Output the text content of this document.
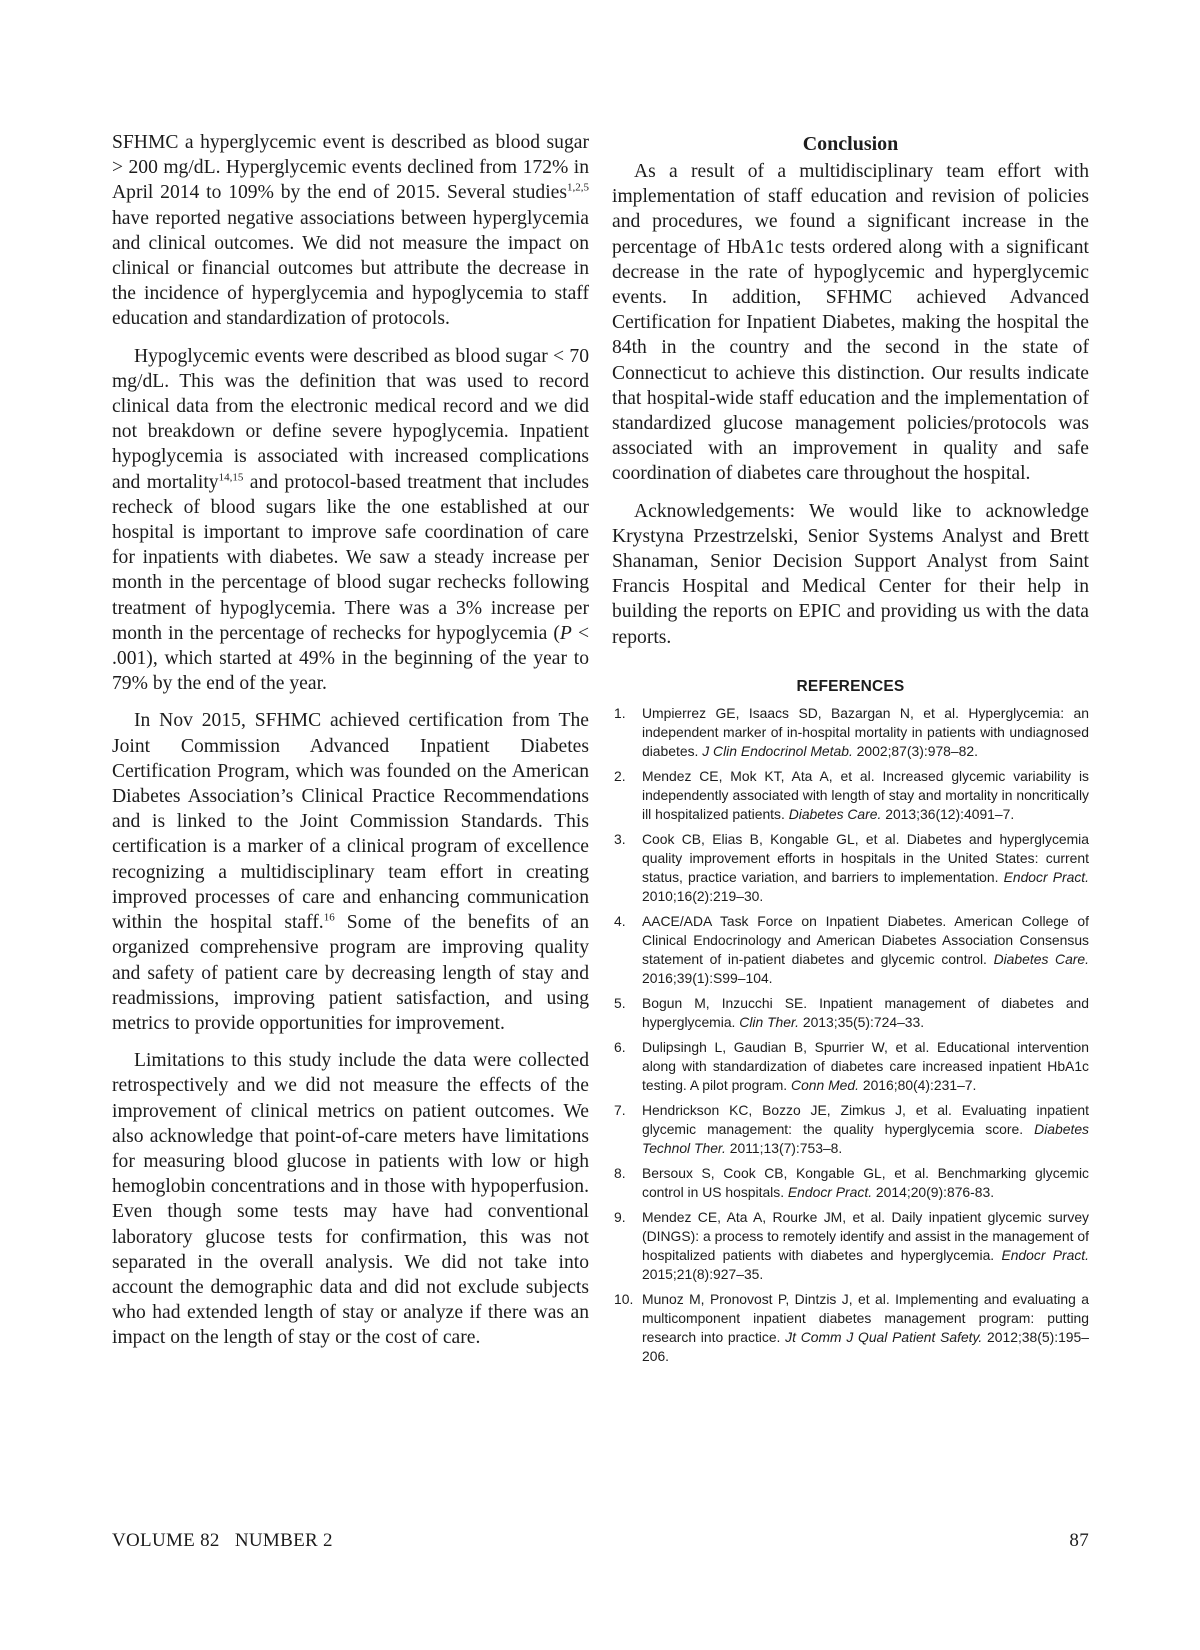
SFHMC a hyperglycemic event is described as blood sugar > 200 mg/dL. Hyperglycemic events declined from 172% in April 2014 to 109% by the end of 2015. Several studies$^{1,2,5}$ have reported negative associations between hyperglycemia and clinical outcomes. We did not measure the impact on clinical or financial outcomes but attribute the decrease in the incidence of hyperglycemia and hypoglycemia to staff education and standardization of protocols.

Hypoglycemic events were described as blood sugar < 70 mg/dL. This was the definition that was used to record clinical data from the electronic medical record and we did not breakdown or define severe hypoglycemia. Inpatient hypoglycemia is associated with increased complications and mortality$^{14,15}$ and protocol-based treatment that includes recheck of blood sugars like the one established at our hospital is important to improve safe coordination of care for inpatients with diabetes. We saw a steady increase per month in the percentage of blood sugar rechecks following treatment of hypoglycemia. There was a 3% increase per month in the percentage of rechecks for hypoglycemia (P < .001), which started at 49% in the beginning of the year to 79% by the end of the year.

In Nov 2015, SFHMC achieved certification from The Joint Commission Advanced Inpatient Diabetes Certification Program, which was founded on the American Diabetes Association’s Clinical Practice Recommendations and is linked to the Joint Commission Standards. This certification is a marker of a clinical program of excellence recognizing a multidisciplinary team effort in creating improved processes of care and enhancing communication within the hospital staff.$^{16}$ Some of the benefits of an organized comprehensive program are improving quality and safety of patient care by decreasing length of stay and readmissions, improving patient satisfaction, and using metrics to provide opportunities for improvement.

Limitations to this study include the data were collected retrospectively and we did not measure the effects of the improvement of clinical metrics on patient outcomes. We also acknowledge that point-of-care meters have limitations for measuring blood glucose in patients with low or high hemoglobin concentrations and in those with hypoperfusion. Even though some tests may have had conventional laboratory glucose tests for confirmation, this was not separated in the overall analysis. We did not take into account the demographic data and did not exclude subjects who had extended length of stay or analyze if there was an impact on the length of stay or the cost of care.

Conclusion

As a result of a multidisciplinary team effort with implementation of staff education and revision of policies and procedures, we found a significant increase in the percentage of HbA1c tests ordered along with a significant decrease in the rate of hypoglycemic and hyperglycemic events. In addition, SFHMC achieved Advanced Certification for Inpatient Diabetes, making the hospital the 84th in the country and the second in the state of Connecticut to achieve this distinction. Our results indicate that hospital-wide staff education and the implementation of standardized glucose management policies/protocols was associated with an improvement in quality and safe coordination of diabetes care throughout the hospital.

Acknowledgements: We would like to acknowledge Krystyna Przestrzelski, Senior Systems Analyst and Brett Shanaman, Senior Decision Support Analyst from Saint Francis Hospital and Medical Center for their help in building the reports on EPIC and providing us with the data reports.

REFERENCES
1. Umpierrez GE, Isaacs SD, Bazargan N, et al. Hyperglycemia: an independent marker of in-hospital mortality in patients with undiagnosed diabetes. J Clin Endocrinol Metab. 2002;87(3):978–82.
2. Mendez CE, Mok KT, Ata A, et al. Increased glycemic variability is independently associated with length of stay and mortality in noncritically ill hospitalized patients. Diabetes Care. 2013;36(12):4091–7.
3. Cook CB, Elias B, Kongable GL, et al. Diabetes and hyperglycemia quality improvement efforts in hospitals in the United States: current status, practice variation, and barriers to implementation. Endocr Pract. 2010;16(2):219–30.
4. AACE/ADA Task Force on Inpatient Diabetes. American College of Clinical Endocrinology and American Diabetes Association Consensus statement of in-patient diabetes and glycemic control. Diabetes Care. 2016;39(1):S99–104.
5. Bogun M, Inzucchi SE. Inpatient management of diabetes and hyperglycemia. Clin Ther. 2013;35(5):724–33.
6. Dulipsingh L, Gaudian B, Spurrier W, et al. Educational intervention along with standardization of diabetes care increased inpatient HbA1c testing. A pilot program. Conn Med. 2016;80(4):231–7.
7. Hendrickson KC, Bozzo JE, Zimkus J, et al. Evaluating inpatient glycemic management: the quality hyperglycemia score. Diabetes Technol Ther. 2011;13(7):753–8.
8. Bersoux S, Cook CB, Kongable GL, et al. Benchmarking glycemic control in US hospitals. Endocr Pract. 2014;20(9):876-83.
9. Mendez CE, Ata A, Rourke JM, et al. Daily inpatient glycemic survey (DINGS): a process to remotely identify and assist in the management of hospitalized patients with diabetes and hyperglycemia. Endocr Pract. 2015;21(8):927–35.
10. Munoz M, Pronovost P, Dintzis J, et al. Implementing and evaluating a multicomponent inpatient diabetes management program: putting research into practice. Jt Comm J Qual Patient Safety. 2012;38(5):195–206.
VOLUME 82   NUMBER 2	87
